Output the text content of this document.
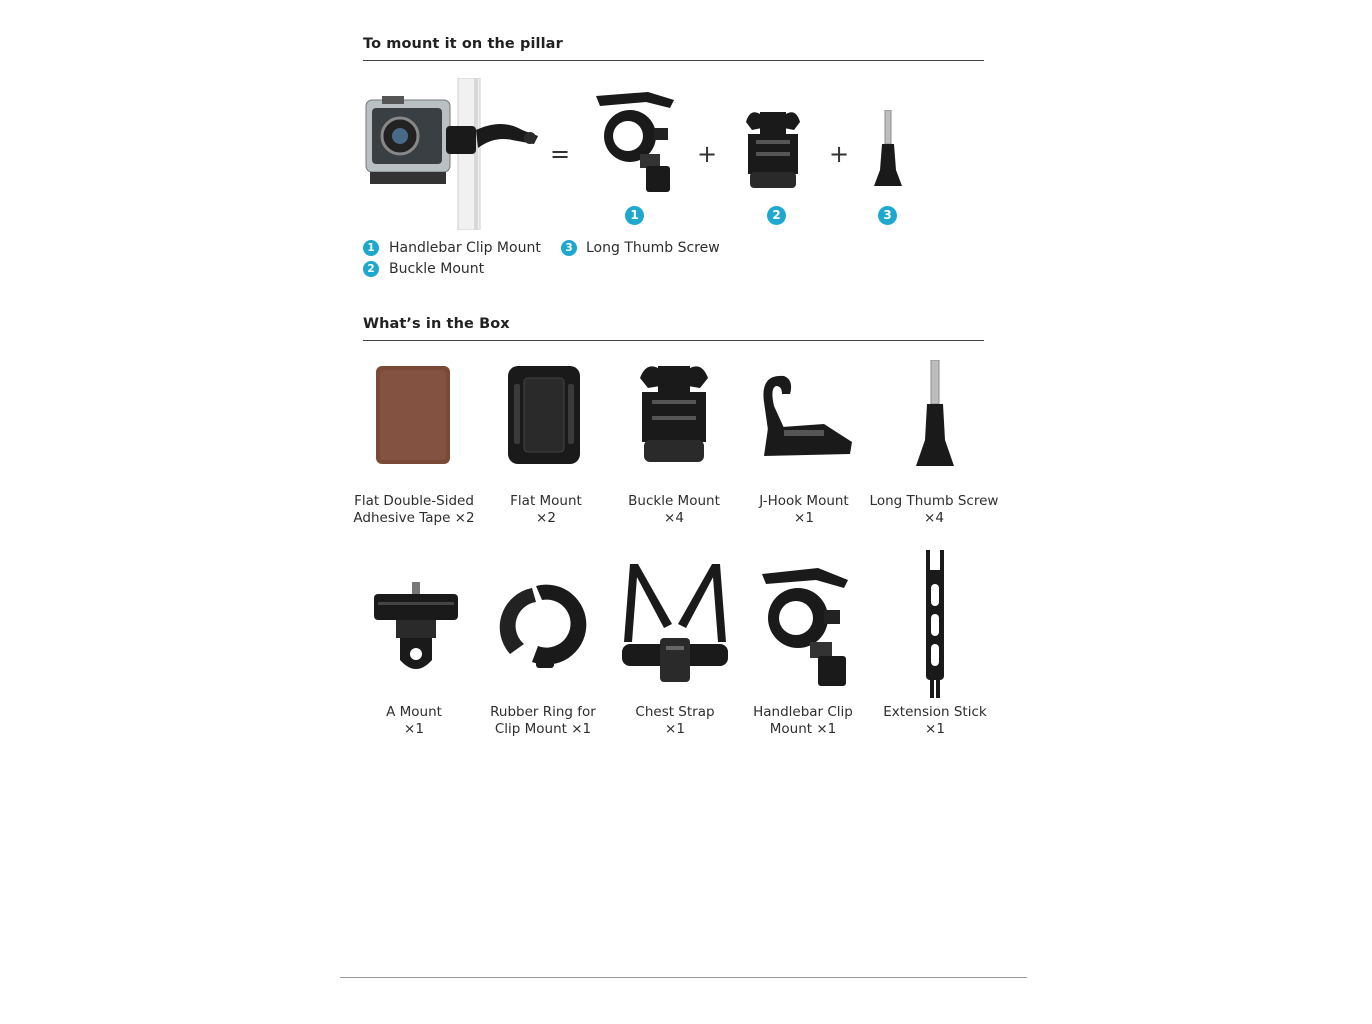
To mount it on the pillar
=	+	+
1	2	3
1	Handlebar Clip Mount
2	Buckle Mount
3 Long Thumb Screw
What’s in the Box
Flat Double-Sided
Adhesive Tape ×2
Flat Mount
×2
Buckle Mount
×4
J-Hook Mount
×1
Long Thumb Screw
×4
A Mount
×1
Rubber Ring for
Clip Mount ×1
Chest Strap
×1
Handlebar Clip
Mount ×1
Extension Stick
×1
